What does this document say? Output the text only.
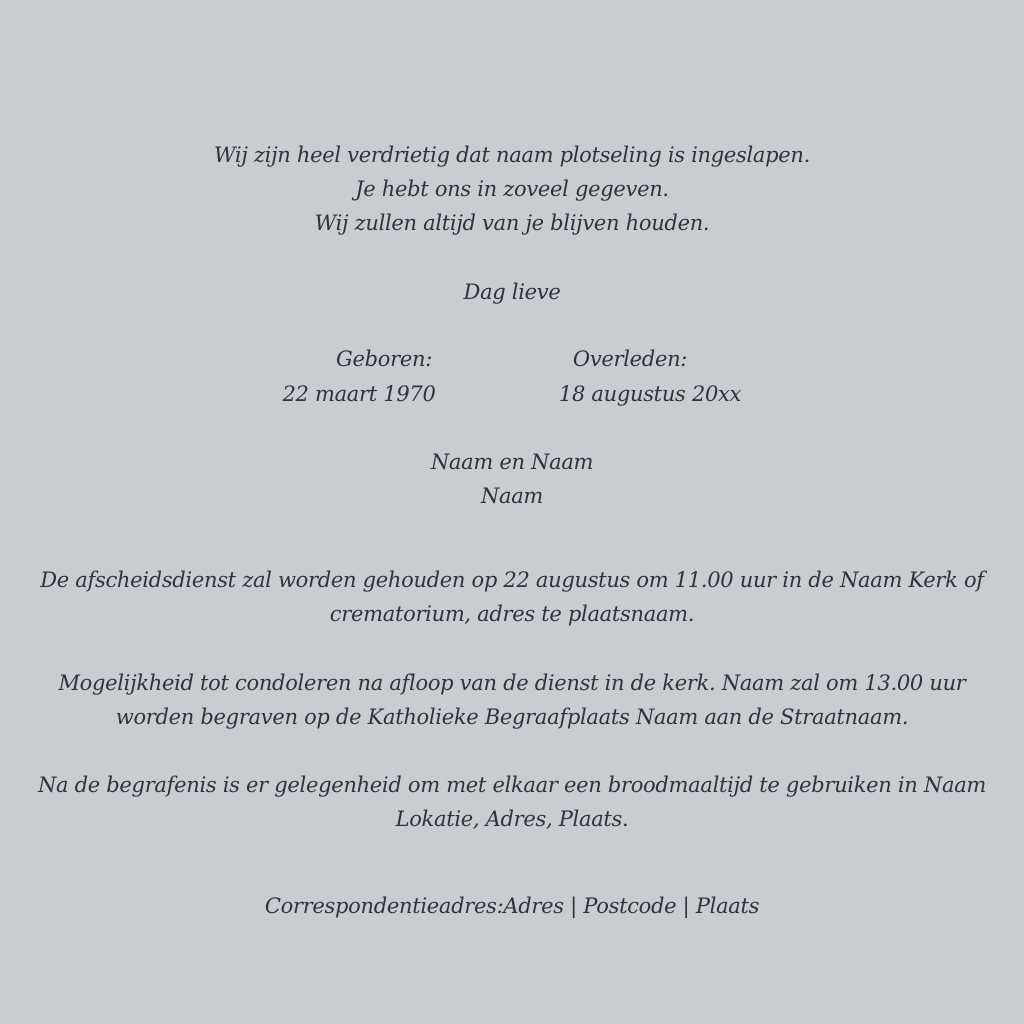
Wij zijn heel verdrietig dat naam plotseling is ingeslapen.
Je hebt ons in zoveel gegeven.
Wij zullen altijd van je blijven houden.
Dag lieve
Geboren:
22 maart 1970
Overleden:
18 augustus 20xx
Naam en Naam
Naam
De afscheidsdienst zal worden gehouden op 22 augustus om 11.00 uur in de Naam Kerk of
crematorium, adres te plaatsnaam.
Mogelijkheid tot condoleren na afloop van de dienst in de kerk. Naam zal om 13.00 uur
worden begraven op de Katholieke Begraafplaats Naam aan de Straatnaam.
Na de begrafenis is er gelegenheid om met elkaar een broodmaaltijd te gebruiken in Naam
Lokatie, Adres, Plaats.
Correspondentieadres:Adres | Postcode | Plaats
